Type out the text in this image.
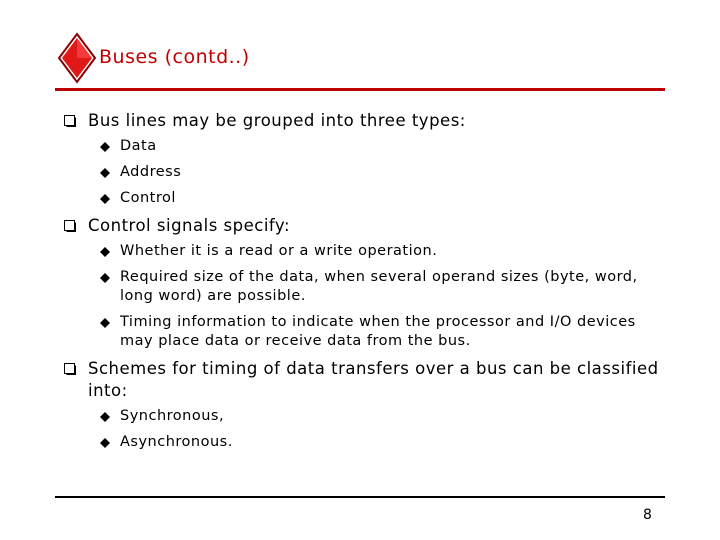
Buses (contd..)
Bus lines may be grouped into three types:
Data
Address
Control
Control signals specify:
Whether it is a read or a write operation.
Required size of the data, when several operand sizes (byte, word, long word) are possible.
Timing information to indicate when the processor and I/O devices may place data or receive data from the bus.
Schemes for timing of data transfers over a bus can be classified into:
Synchronous,
Asynchronous.
8
